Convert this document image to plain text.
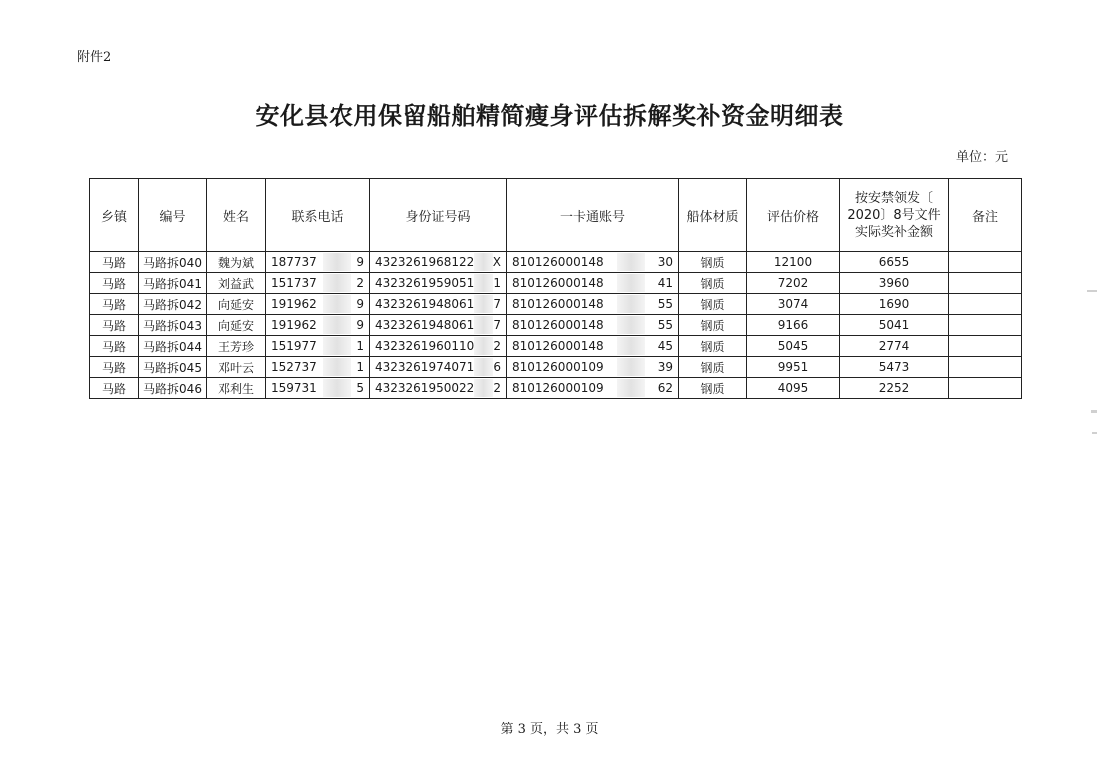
附件2
安化县农用保留船舶精简瘦身评估拆解奖补资金明细表
单位：元
乡镇	编号	姓名	联系电话	身份证号码	一卡通账号	船体材质	评估价格	按安禁领发〔
2020〕8号文件
实际奖补金额	备注
马路	马路拆040	魏为斌	187737 9	4323261968122 X	810126000148 30	钢质	12100	6655	
马路	马路拆041	刘益武	151737 2	4323261959051 1	810126000148 41	钢质	7202	3960	
马路	马路拆042	向延安	191962 9	4323261948061 7	810126000148 55	钢质	3074	1690	
马路	马路拆043	向延安	191962 9	4323261948061 7	810126000148 55	钢质	9166	5041	
马路	马路拆044	王芳珍	151977 1	4323261960110 2	810126000148 45	钢质	5045	2774	
马路	马路拆045	邓叶云	152737 1	4323261974071 6	810126000109 39	钢质	9951	5473	
马路	马路拆046	邓利生	159731 5	4323261950022 2	810126000109 62	钢质	4095	2252	
第 3 页，共 3 页
